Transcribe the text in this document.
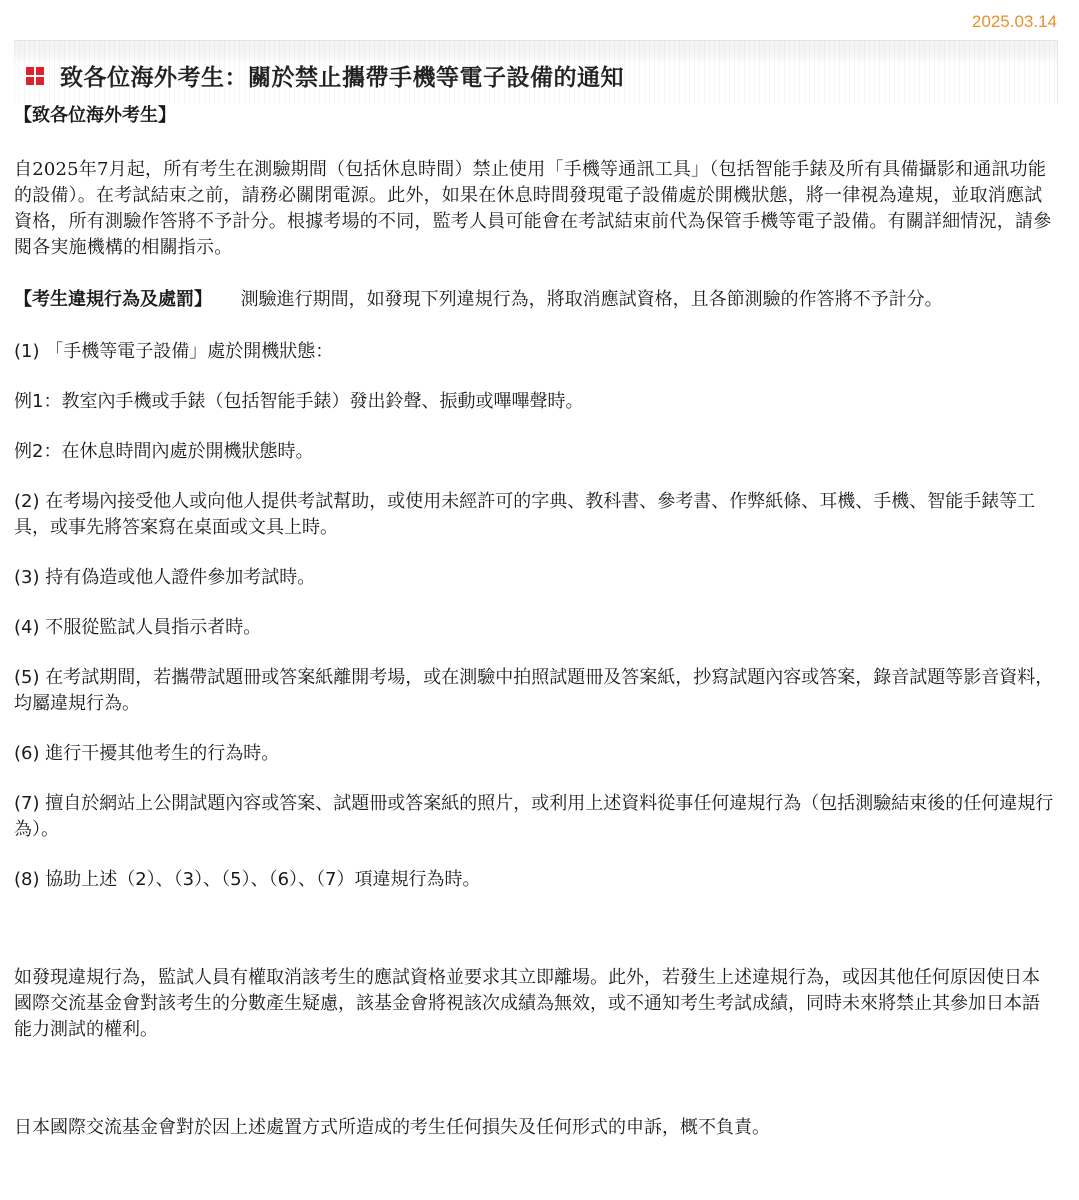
2025.03.14
致各位海外考生：關於禁止攜帶手機等電子設備的通知

【致各位海外考生】

自2025年7月起，所有考生在測驗期間（包括休息時間）禁止使用「手機等通訊工具」（包括智能手錶及所有具備攝影和通訊功能的設備）。在考試結束之前，請務必關閉電源。此外，如果在休息時間發現電子設備處於開機狀態，將一律視為違規，並取消應試資格，所有測驗作答將不予計分。根據考場的不同，監考人員可能會在考試結束前代為保管手機等電子設備。有關詳細情況，請參閱各実施機構的相關指示。

【考生違規行為及處罰】 測驗進行期間，如發現下列違規行為，將取消應試資格，且各節測驗的作答將不予計分。

(1) 「手機等電子設備」處於開機狀態：

例1：教室內手機或手錶（包括智能手錶）發出鈴聲、振動或嗶嗶聲時。

例2：在休息時間內處於開機狀態時。

(2) 在考場內接受他人或向他人提供考試幫助，或使用未經許可的字典、教科書、參考書、作弊紙條、耳機、手機、智能手錶等工具，或事先將答案寫在桌面或文具上時。

(3) 持有偽造或他人證件參加考試時。

(4) 不服從監試人員指示者時。

(5) 在考試期間，若攜帶試題冊或答案紙離開考場，或在測驗中拍照試題冊及答案紙，抄寫試題內容或答案，錄音試題等影音資料，均屬違規行為。

(6) 進行干擾其他考生的行為時。

(7) 擅自於網站上公開試題內容或答案、試題冊或答案紙的照片，或利用上述資料從事任何違規行為（包括測驗結束後的任何違規行為）。

(8) 協助上述（2）、（3）、（5）、（6）、（7）項違規行為時。

如發現違規行為，監試人員有權取消該考生的應試資格並要求其立即離場。此外，若發生上述違規行為，或因其他任何原因使日本國際交流基金會對該考生的分數產生疑慮，該基金會將視該次成績為無效，或不通知考生考試成績，同時未來將禁止其參加日本語能力測試的權利。

日本國際交流基金會對於因上述處置方式所造成的考生任何損失及任何形式的申訴，概不負責。
